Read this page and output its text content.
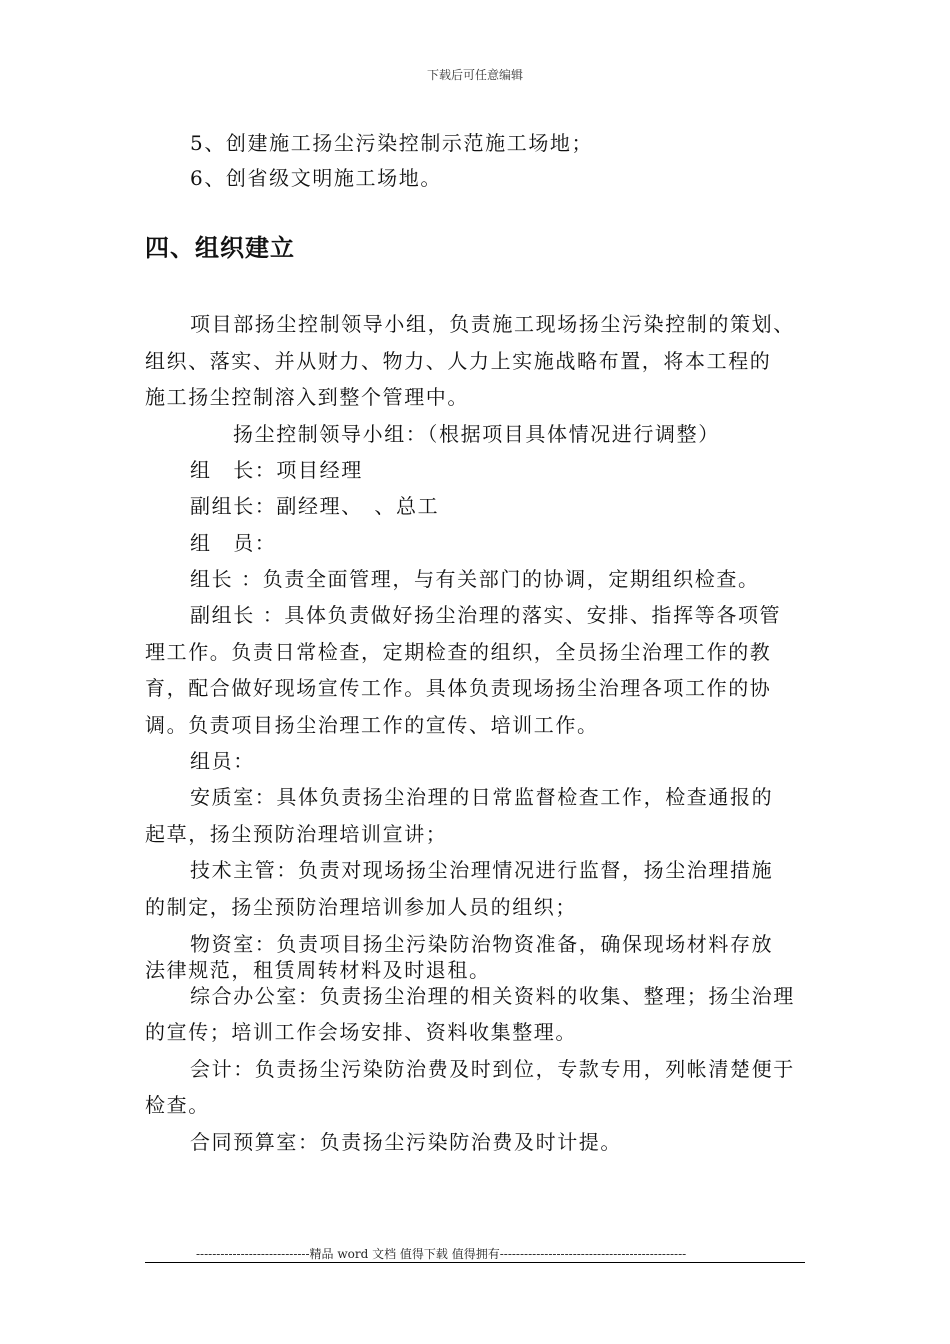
下载后可任意编辑
5、创建施工扬尘污染控制示范施工场地；
6、创省级文明施工场地。
四、组织建立
项目部扬尘控制领导小组，负责施工现场扬尘污染控制的策划、
组织、落实、并从财力、物力、人力上实施战略布置，将本工程的
施工扬尘控制溶入到整个管理中。
扬尘控制领导小组：（根据项目具体情况进行调整）
组　长：项目经理
副组长：副经理、　、总工
组　员：
组长 ：负责全面管理，与有关部门的协调，定期组织检查。
副组长 ：具体负责做好扬尘治理的落实、安排、指挥等各项管
理工作。负责日常检查，定期检查的组织，全员扬尘治理工作的教
育，配合做好现场宣传工作。具体负责现场扬尘治理各项工作的协
调。负责项目扬尘治理工作的宣传、培训工作。
组员：
安质室：具体负责扬尘治理的日常监督检查工作，检查通报的
起草，扬尘预防治理培训宣讲；
技术主管：负责对现场扬尘治理情况进行监督，扬尘治理措施
的制定，扬尘预防治理培训参加人员的组织；
物资室：负责项目扬尘污染防治物资准备，确保现场材料存放
法律规范，租赁周转材料及时退租。
综合办公室：负责扬尘治理的相关资料的收集、整理；扬尘治理
的宣传；培训工作会场安排、资料收集整理。
会计：负责扬尘污染防治费及时到位，专款专用，列帐清楚便于
检查。
合同预算室：负责扬尘污染防治费及时计提。
----------------------------精品 word 文档 值得下载 值得拥有----------------------------------------------
